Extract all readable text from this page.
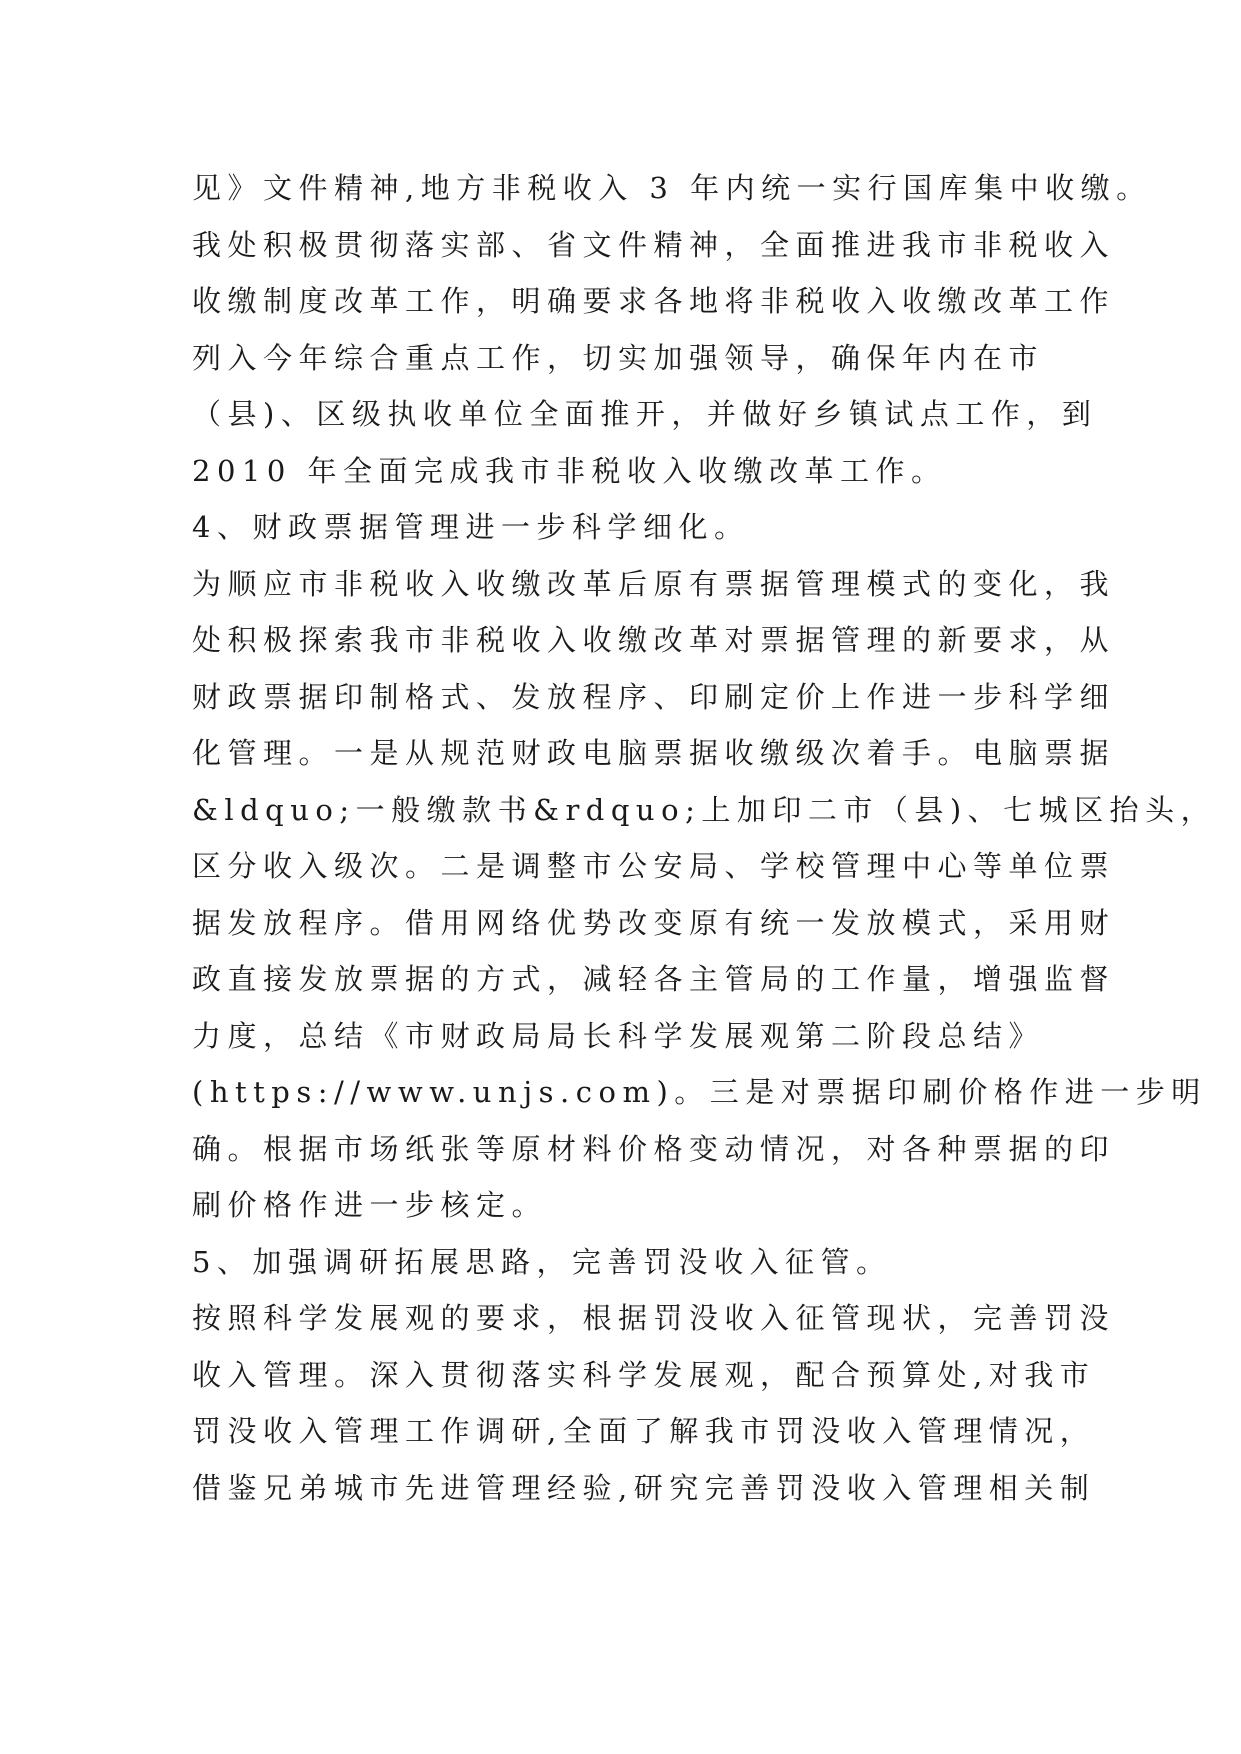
见》文件精神,地方非税收入 3 年内统一实行国库集中收缴。
我处积极贯彻落实部、省文件精神，全面推进我市非税收入
收缴制度改革工作，明确要求各地将非税收入收缴改革工作
列入今年综合重点工作，切实加强领导，确保年内在市
（县)、区级执收单位全面推开，并做好乡镇试点工作，到
2010 年全面完成我市非税收入收缴改革工作。
4、财政票据管理进一步科学细化。
为顺应市非税收入收缴改革后原有票据管理模式的变化，我
处积极探索我市非税收入收缴改革对票据管理的新要求，从
财政票据印制格式、发放程序、印刷定价上作进一步科学细
化管理。一是从规范财政电脑票据收缴级次着手。电脑票据
&ldquo;一般缴款书&rdquo;上加印二市（县)、七城区抬头，
区分收入级次。二是调整市公安局、学校管理中心等单位票
据发放程序。借用网络优势改变原有统一发放模式，采用财
政直接发放票据的方式，减轻各主管局的工作量，增强监督
力度，总结《市财政局局长科学发展观第二阶段总结》
(https://www.unjs.com)。三是对票据印刷价格作进一步明
确。根据市场纸张等原材料价格变动情况，对各种票据的印
刷价格作进一步核定。
5、加强调研拓展思路，完善罚没收入征管。
按照科学发展观的要求，根据罚没收入征管现状，完善罚没
收入管理。深入贯彻落实科学发展观，配合预算处,对我市
罚没收入管理工作调研,全面了解我市罚没收入管理情况，
借鉴兄弟城市先进管理经验,研究完善罚没收入管理相关制
